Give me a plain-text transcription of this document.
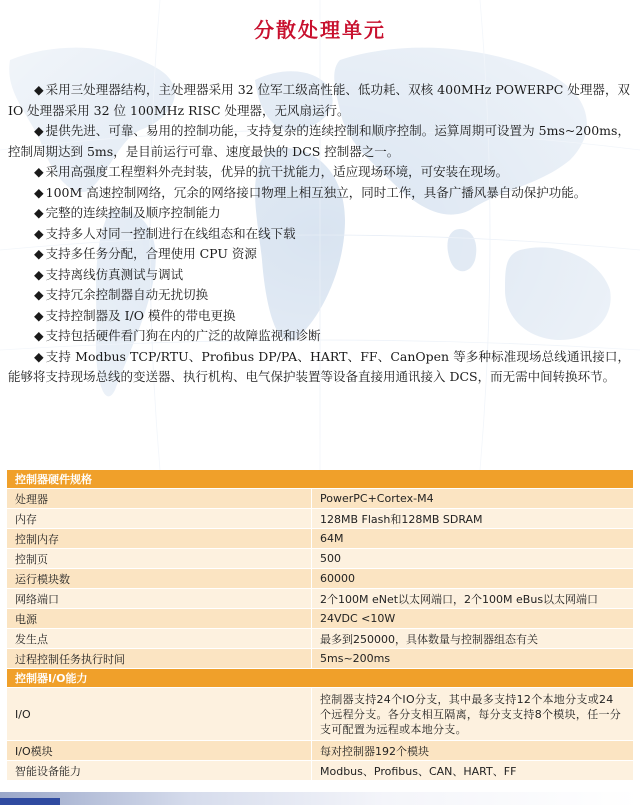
分散处理单元

◆ 采用三处理器结构，主处理器采用 32 位军工级高性能、低功耗、双核 400MHz POWERPC 处理器，双 IO 处理器采用 32 位 100MHz RISC 处理器，无风扇运行。

◆ 提供先进、可靠、易用的控制功能，支持复杂的连续控制和顺序控制。运算周期可设置为 5ms~200ms，控制周期达到 5ms，是目前运行可靠、速度最快的 DCS 控制器之一。

◆ 采用高强度工程塑料外壳封装，优异的抗干扰能力，适应现场环境，可安装在现场。

◆ 100M 高速控制网络，冗余的网络接口物理上相互独立，同时工作，具备广播风暴自动保护功能。

◆ 完整的连续控制及顺序控制能力

◆ 支持多人对同一控制进行在线组态和在线下载

◆ 支持多任务分配，合理使用 CPU 资源

◆ 支持离线仿真测试与调试

◆ 支持冗余控制器自动无扰切换

◆ 支持控制器及 I/O 模件的带电更换

◆ 支持包括硬件看门狗在内的广泛的故障监视和诊断

◆ 支持 Modbus TCP/RTU、Profibus DP/PA、HART、FF、CanOpen 等多种标准现场总线通讯接口，能够将支持现场总线的变送器、执行机构、电气保护装置等设备直接用通讯接入 DCS，而无需中间转换环节。

控制器硬件规格	
处理器	PowerPC+Cortex-M4
内存	128MB Flash和128MB SDRAM
控制内存	64M
控制页	500
运行模块数	60000
网络端口	2个100M eNet以太网端口，2个100M eBus以太网端口
电源	24VDC <10W
发生点	最多到250000，具体数量与控制器组态有关
过程控制任务执行时间	5ms~200ms
控制器I/O能力	
I/O	控制器支持24个IO分支，其中最多支持12个本地分支或24个远程分支。各分支相互隔离，每分支支持8个模块，任一分支可配置为远程或本地分支。
I/O模块	每对控制器192个模块
智能设备能力	Modbus、Profibus、CAN、HART、FF
